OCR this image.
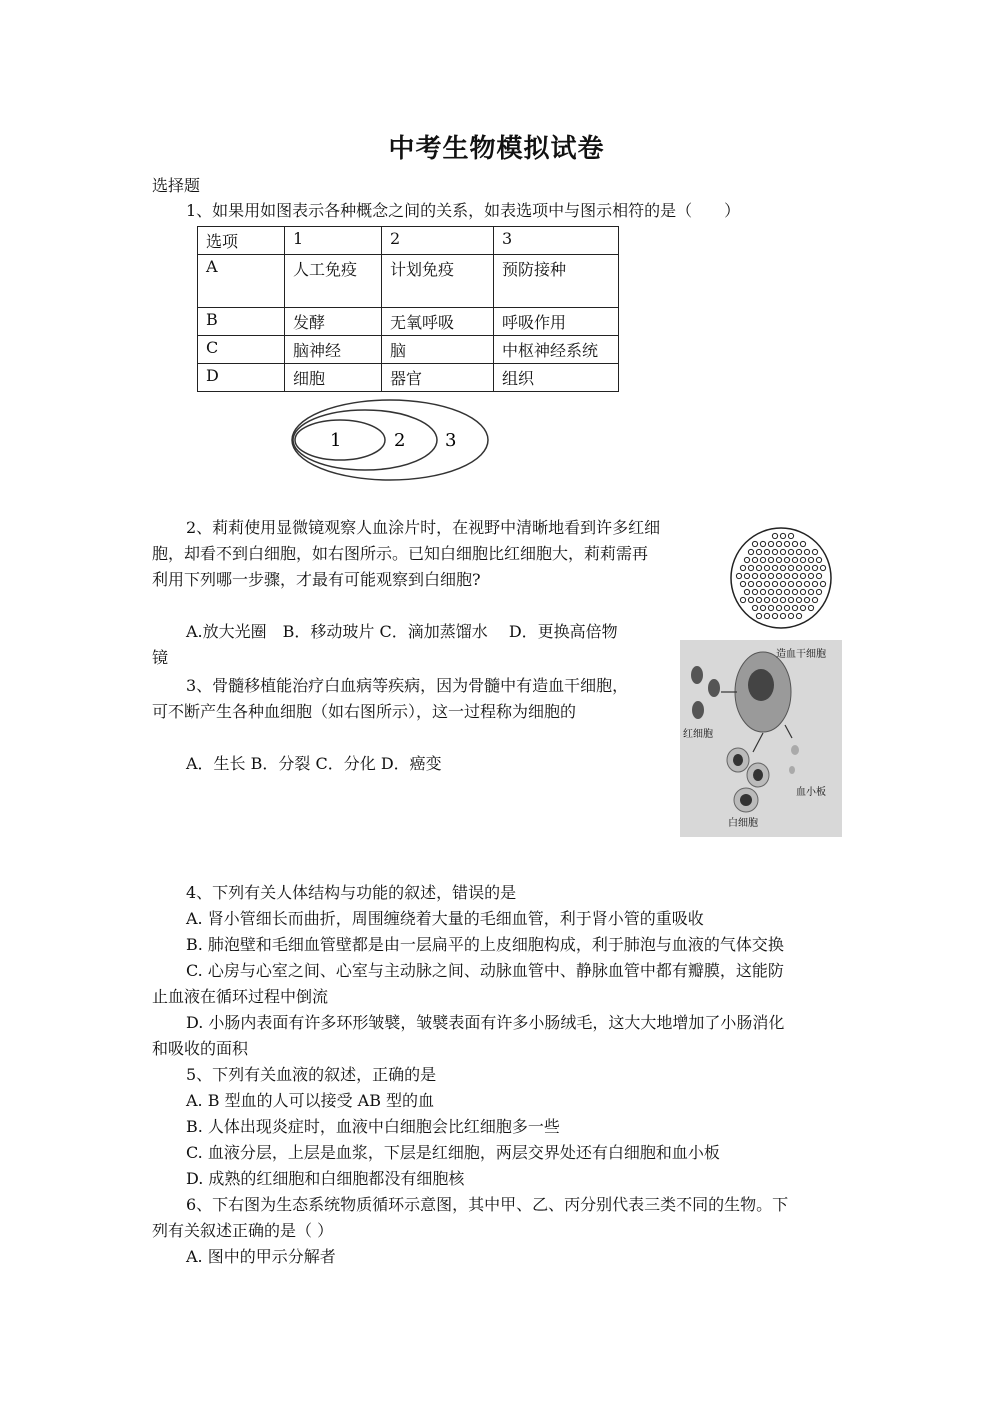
中考生物模拟试卷
选择题
1、如果用如图表示各种概念之间的关系，如表选项中与图示相符的是（　　）
选项	1	2	3
A	人工免疫	计划免疫	预防接种
B	发酵	无氧呼吸	呼吸作用
C	脑神经	脑	中枢神经系统
D	细胞	器官	组织
1	2 3
2、莉莉使用显微镜观察人血涂片时，在视野中清晰地看到许多红细
胞，却看不到白细胞，如右图所示。已知白细胞比红细胞大，莉莉需再
利用下列哪一步骤，才最有可能观察到白细胞?
A.放大光圈　B．移动玻片 C．滴加蒸馏水　 D．更换高倍物
镜
3、骨髓移植能治疗白血病等疾病，因为骨髓中有造血干细胞，
可不断产生各种血细胞（如右图所示），这一过程称为细胞的
A．生长 B．分裂 C．分化 D．癌变
造血干细胞
红细胞
白细胞
血小板
4、下列有关人体结构与功能的叙述，错误的是
A. 肾小管细长而曲折，周围缠绕着大量的毛细血管，利于肾小管的重吸收
B. 肺泡壁和毛细血管壁都是由一层扁平的上皮细胞构成，利于肺泡与血液的气体交换
C. 心房与心室之间、心室与主动脉之间、动脉血管中、静脉血管中都有瓣膜，这能防
止血液在循环过程中倒流
D. 小肠内表面有许多环形皱襞，皱襞表面有许多小肠绒毛，这大大地增加了小肠消化
和吸收的面积
5、下列有关血液的叙述，正确的是
A. B 型血的人可以接受 AB 型的血
B. 人体出现炎症时，血液中白细胞会比红细胞多一些
C. 血液分层，上层是血浆，下层是红细胞，两层交界处还有白细胞和血小板
D. 成熟的红细胞和白细胞都没有细胞核
6、下右图为生态系统物质循环示意图，其中甲、乙、丙分别代表三类不同的生物。下
列有关叙述正确的是（ ）
A. 图中的甲示分解者
